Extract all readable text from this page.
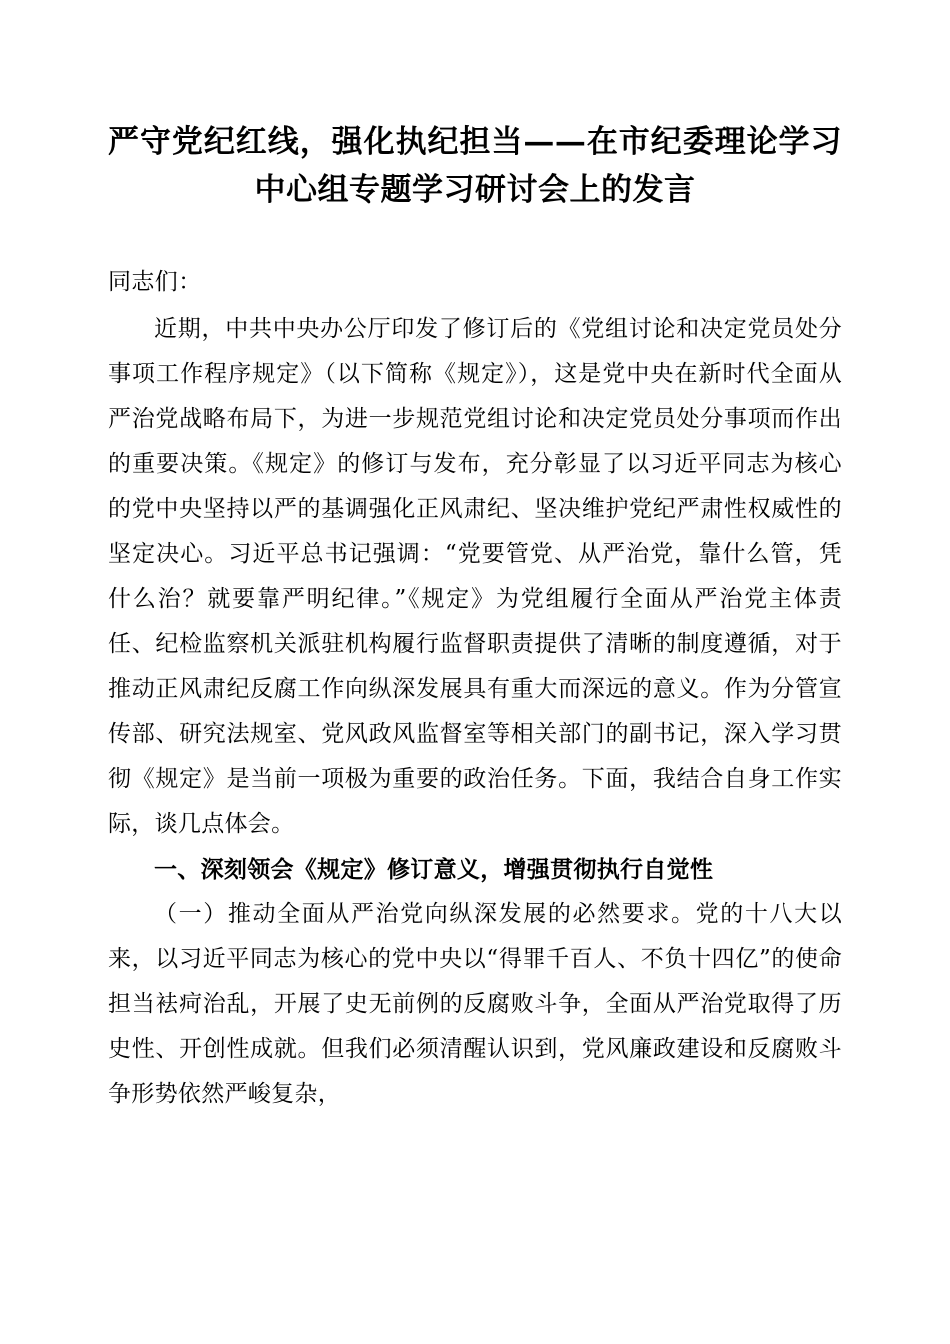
严守党纪红线，强化执纪担当——在市纪委理论学习中心组专题学习研讨会上的发言
同志们：

近期，中共中央办公厅印发了修订后的《党组讨论和决定党员处分事项工作程序规定》（以下简称《规定》），这是党中央在新时代全面从严治党战略布局下，为进一步规范党组讨论和决定党员处分事项而作出的重要决策。《规定》的修订与发布，充分彰显了以习近平同志为核心的党中央坚持以严的基调强化正风肃纪、坚决维护党纪严肃性权威性的坚定决心。习近平总书记强调：“党要管党、从严治党，靠什么管，凭什么治？就要靠严明纪律。”《规定》为党组履行全面从严治党主体责任、纪检监察机关派驻机构履行监督职责提供了清晰的制度遵循，对于推动正风肃纪反腐工作向纵深发展具有重大而深远的意义。作为分管宣传部、研究法规室、党风政风监督室等相关部门的副书记，深入学习贯彻《规定》是当前一项极为重要的政治任务。下面，我结合自身工作实际，谈几点体会。

一、深刻领会《规定》修订意义，增强贯彻执行自觉性

（一）推动全面从严治党向纵深发展的必然要求。党的十八大以来，以习近平同志为核心的党中央以“得罪千百人、不负十四亿”的使命担当袪疴治乱，开展了史无前例的反腐败斗争，全面从严治党取得了历史性、开创性成就。但我们必须清醒认识到，党风廉政建设和反腐败斗争形势依然严峻复杂，
